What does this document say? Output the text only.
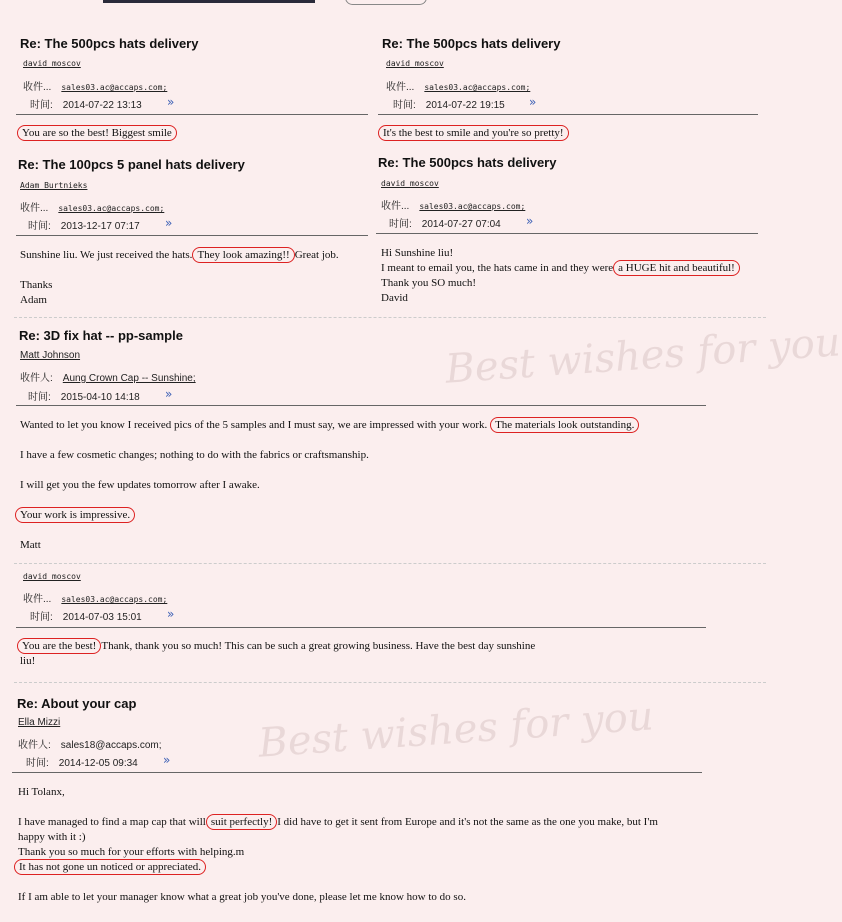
Best wishes for you
Best wishes for you
Re: The 500pcs hats delivery
david moscov
收件... sales03.ac@accaps.com;
时间: 2014-07-22 13:13 »
You are so the best! Biggest smile
Re: The 500pcs hats delivery
david moscov
收件... sales03.ac@accaps.com;
时间: 2014-07-22 19:15 »
It's the best to smile and you're so pretty!
Re: The 100pcs 5 panel hats delivery
Adam Burtnieks
收件... sales03.ac@accaps.com;
时间: 2013-12-17 07:17 »
Sunshine liu. We just received the hats. They look amazing!! Great job.
Thanks
Adam
Re: The 500pcs hats delivery
david moscov
收件... sales03.ac@accaps.com;
时间: 2014-07-27 07:04 »
Hi Sunshine liu!
I meant to email you, the hats came in and they were a HUGE hit and beautiful!
Thank you SO much!
David
Re: 3D fix hat -- pp-sample
Matt Johnson
收件人: Aung Crown Cap -- Sunshine;
时间: 2015-04-10 14:18 »
Wanted to let you know I received pics of the 5 samples and I must say, we are impressed with your work. The materials look outstanding.
I have a few cosmetic changes; nothing to do with the fabrics or craftsmanship.
I will get you the few updates tomorrow after I awake.
Your work is impressive.
Matt
david moscov
收件... sales03.ac@accaps.com;
时间: 2014-07-03 15:01 »
You are the best! Thank, thank you so much! This can be such a great growing business. Have the best day sunshine
liu!
Re: About your cap
Ella Mizzi
收件人: sales18@accaps.com;
时间: 2014-12-05 09:34 »
Hi Tolanx,
I have managed to find a map cap that will suit perfectly! I did have to get it sent from Europe and it's not the same as the one you make, but I'm
happy with it :)
Thank you so much for your efforts with helping.m
It has not gone un noticed or appreciated.
If I am able to let your manager know what a great job you've done, please let me know how to do so.
